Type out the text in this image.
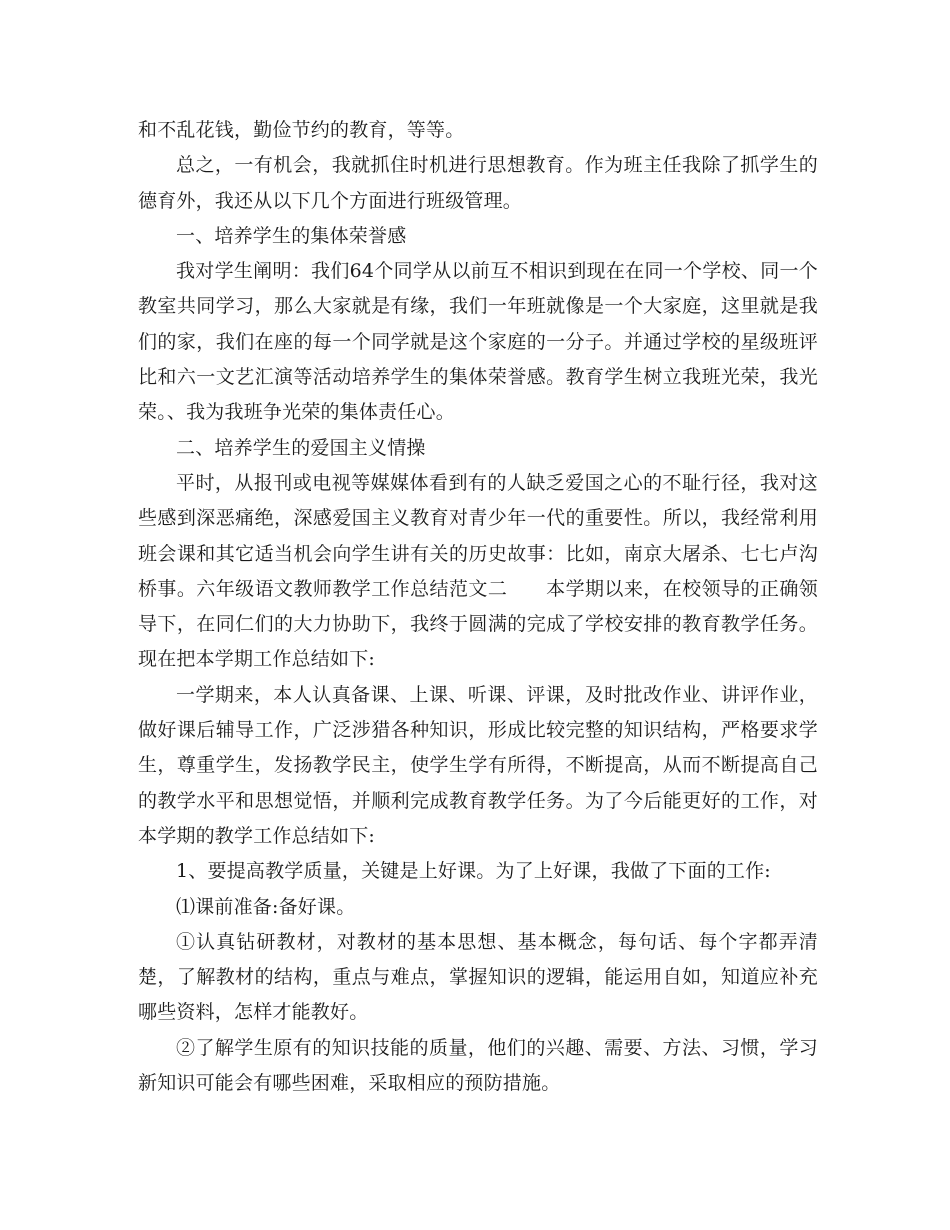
和不乱花钱，勤俭节约的教育，等等。

总之，一有机会，我就抓住时机进行思想教育。作为班主任我除了抓学生的德育外，我还从以下几个方面进行班级管理。

一、培养学生的集体荣誉感

我对学生阐明：我们64个同学从以前互不相识到现在在同一个学校、同一个教室共同学习，那么大家就是有缘，我们一年班就像是一个大家庭，这里就是我们的家，我们在座的每一个同学就是这个家庭的一分子。并通过学校的星级班评比和六一文艺汇演等活动培养学生的集体荣誉感。教育学生树立我班光荣，我光荣。、我为我班争光荣的集体责任心。

二、培养学生的爱国主义情操

平时，从报刊或电视等媒媒体看到有的人缺乏爱国之心的不耻行径，我对这些感到深恶痛绝，深感爱国主义教育对青少年一代的重要性。所以，我经常利用班会课和其它适当机会向学生讲有关的历史故事：比如，南京大屠杀、七七卢沟桥事。六年级语文教师教学工作总结范文二　　本学期以来，在校领导的正确领导下，在同仁们的大力协助下，我终于圆满的完成了学校安排的教育教学任务。现在把本学期工作总结如下:

一学期来，本人认真备课、上课、听课、评课，及时批改作业、讲评作业，做好课后辅导工作，广泛涉猎各种知识，形成比较完整的知识结构，严格要求学生，尊重学生，发扬教学民主，使学生学有所得，不断提高，从而不断提高自己的教学水平和思想觉悟，并顺利完成教育教学任务。为了今后能更好的工作，对本学期的教学工作总结如下:

1、要提高教学质量，关键是上好课。为了上好课，我做了下面的工作:

⑴课前准备:备好课。

①认真钻研教材，对教材的基本思想、基本概念，每句话、每个字都弄清楚，了解教材的结构，重点与难点，掌握知识的逻辑，能运用自如，知道应补充哪些资料，怎样才能教好。

②了解学生原有的知识技能的质量，他们的兴趣、需要、方法、习惯，学习新知识可能会有哪些困难，采取相应的预防措施。
